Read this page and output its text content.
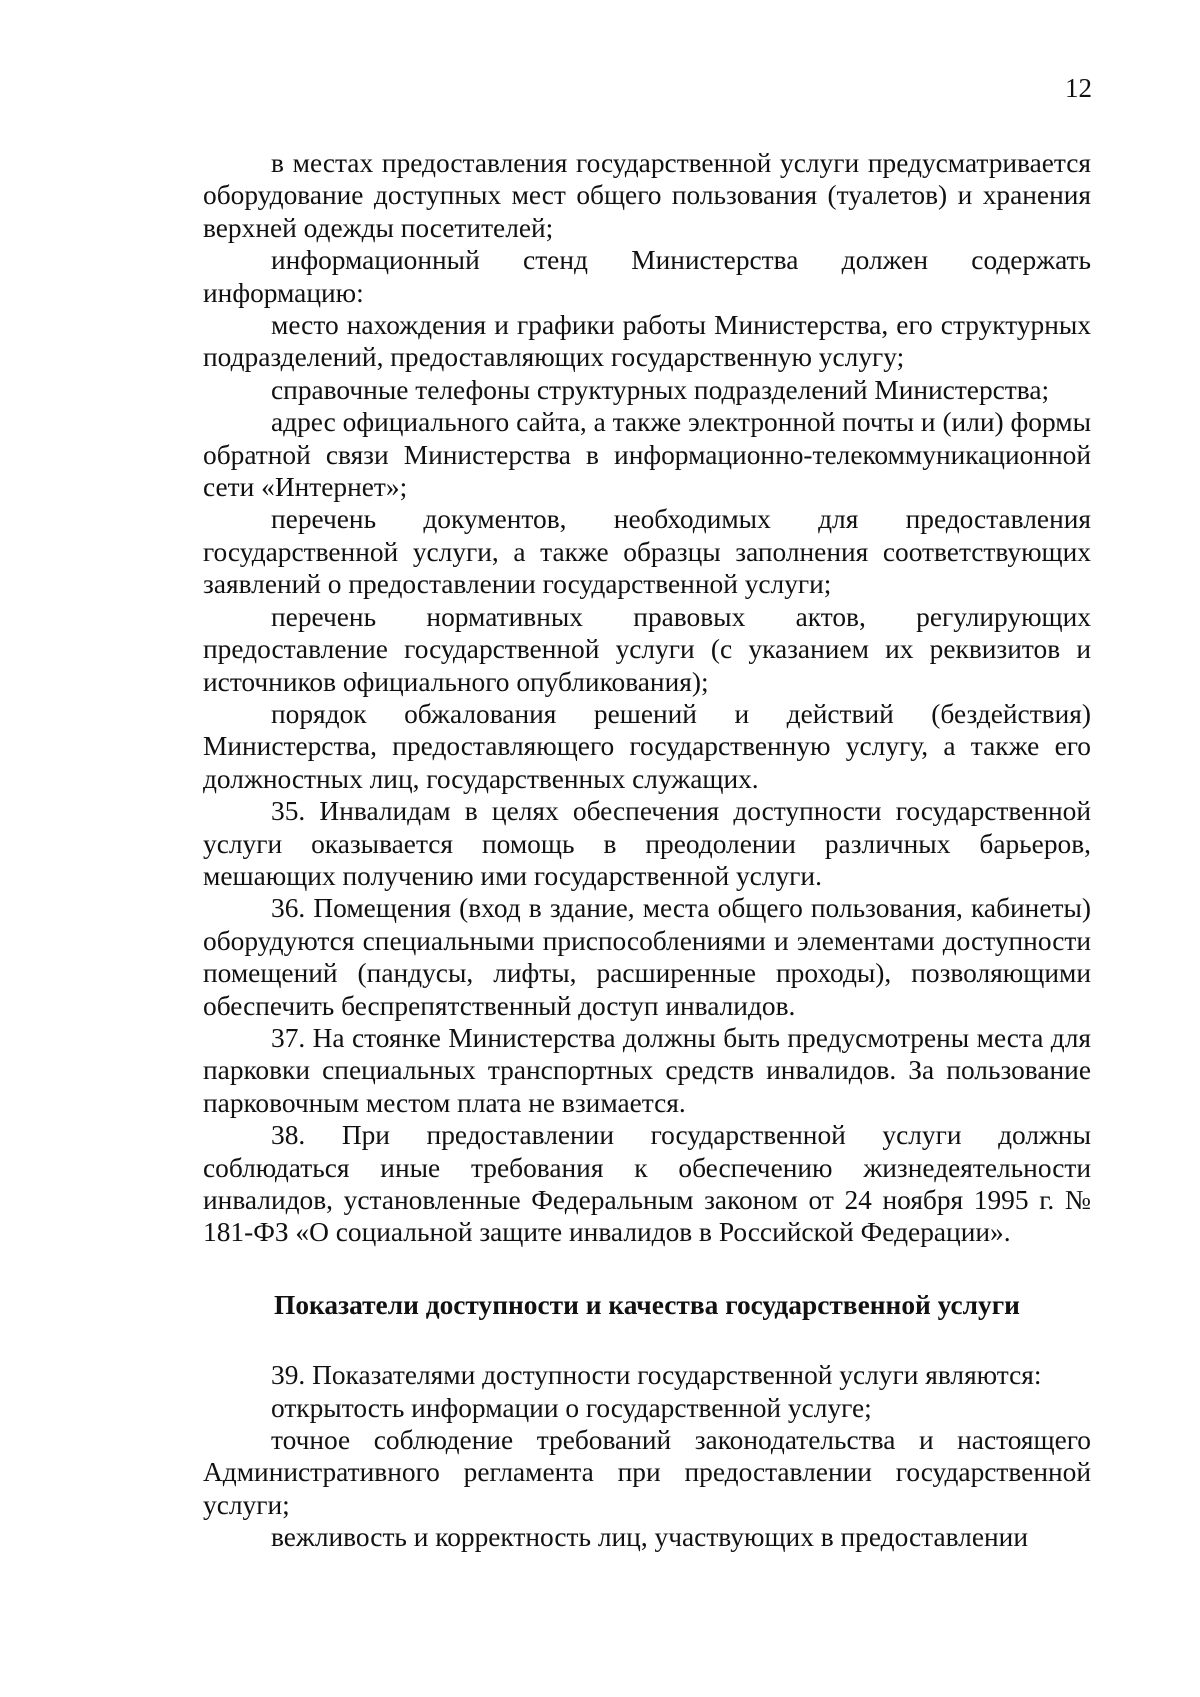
12

в местах предоставления государственной услуги предусматривается оборудование доступных мест общего пользования (туалетов) и хранения верхней одежды посетителей;

информационный стенд Министерства должен содержать информацию:

место нахождения и графики работы Министерства, его структурных подразделений, предоставляющих государственную услугу;

справочные телефоны структурных подразделений Министерства;

адрес официального сайта, а также электронной почты и (или) формы обратной связи Министерства в информационно-телекоммуникационной сети «Интернет»;

перечень документов, необходимых для предоставления государственной услуги, а также образцы заполнения соответствующих заявлений о предоставлении государственной услуги;

перечень нормативных правовых актов, регулирующих предоставление государственной услуги (с указанием их реквизитов и источников официального опубликования);

порядок обжалования решений и действий (бездействия) Министерства, предоставляющего государственную услугу, а также его должностных лиц, государственных служащих.

35. Инвалидам в целях обеспечения доступности государственной услуги оказывается помощь в преодолении различных барьеров, мешающих получению ими государственной услуги.

36. Помещения (вход в здание, места общего пользования, кабинеты) оборудуются специальными приспособлениями и элементами доступности помещений (пандусы, лифты, расширенные проходы), позволяющими обеспечить беспрепятственный доступ инвалидов.

37. На стоянке Министерства должны быть предусмотрены места для парковки специальных транспортных средств инвалидов. За пользование парковочным местом плата не взимается.

38. При предоставлении государственной услуги должны соблюдаться иные требования к обеспечению жизнедеятельности инвалидов, установленные Федеральным законом от 24 ноября 1995 г. № 181-ФЗ «О социальной защите инвалидов в Российской Федерации».

Показатели доступности и качества государственной услуги

39. Показателями доступности государственной услуги являются:

открытость информации о государственной услуге;

точное соблюдение требований законодательства и настоящего Административного регламента при предоставлении государственной услуги;

вежливость и корректность лиц, участвующих в предоставлении
